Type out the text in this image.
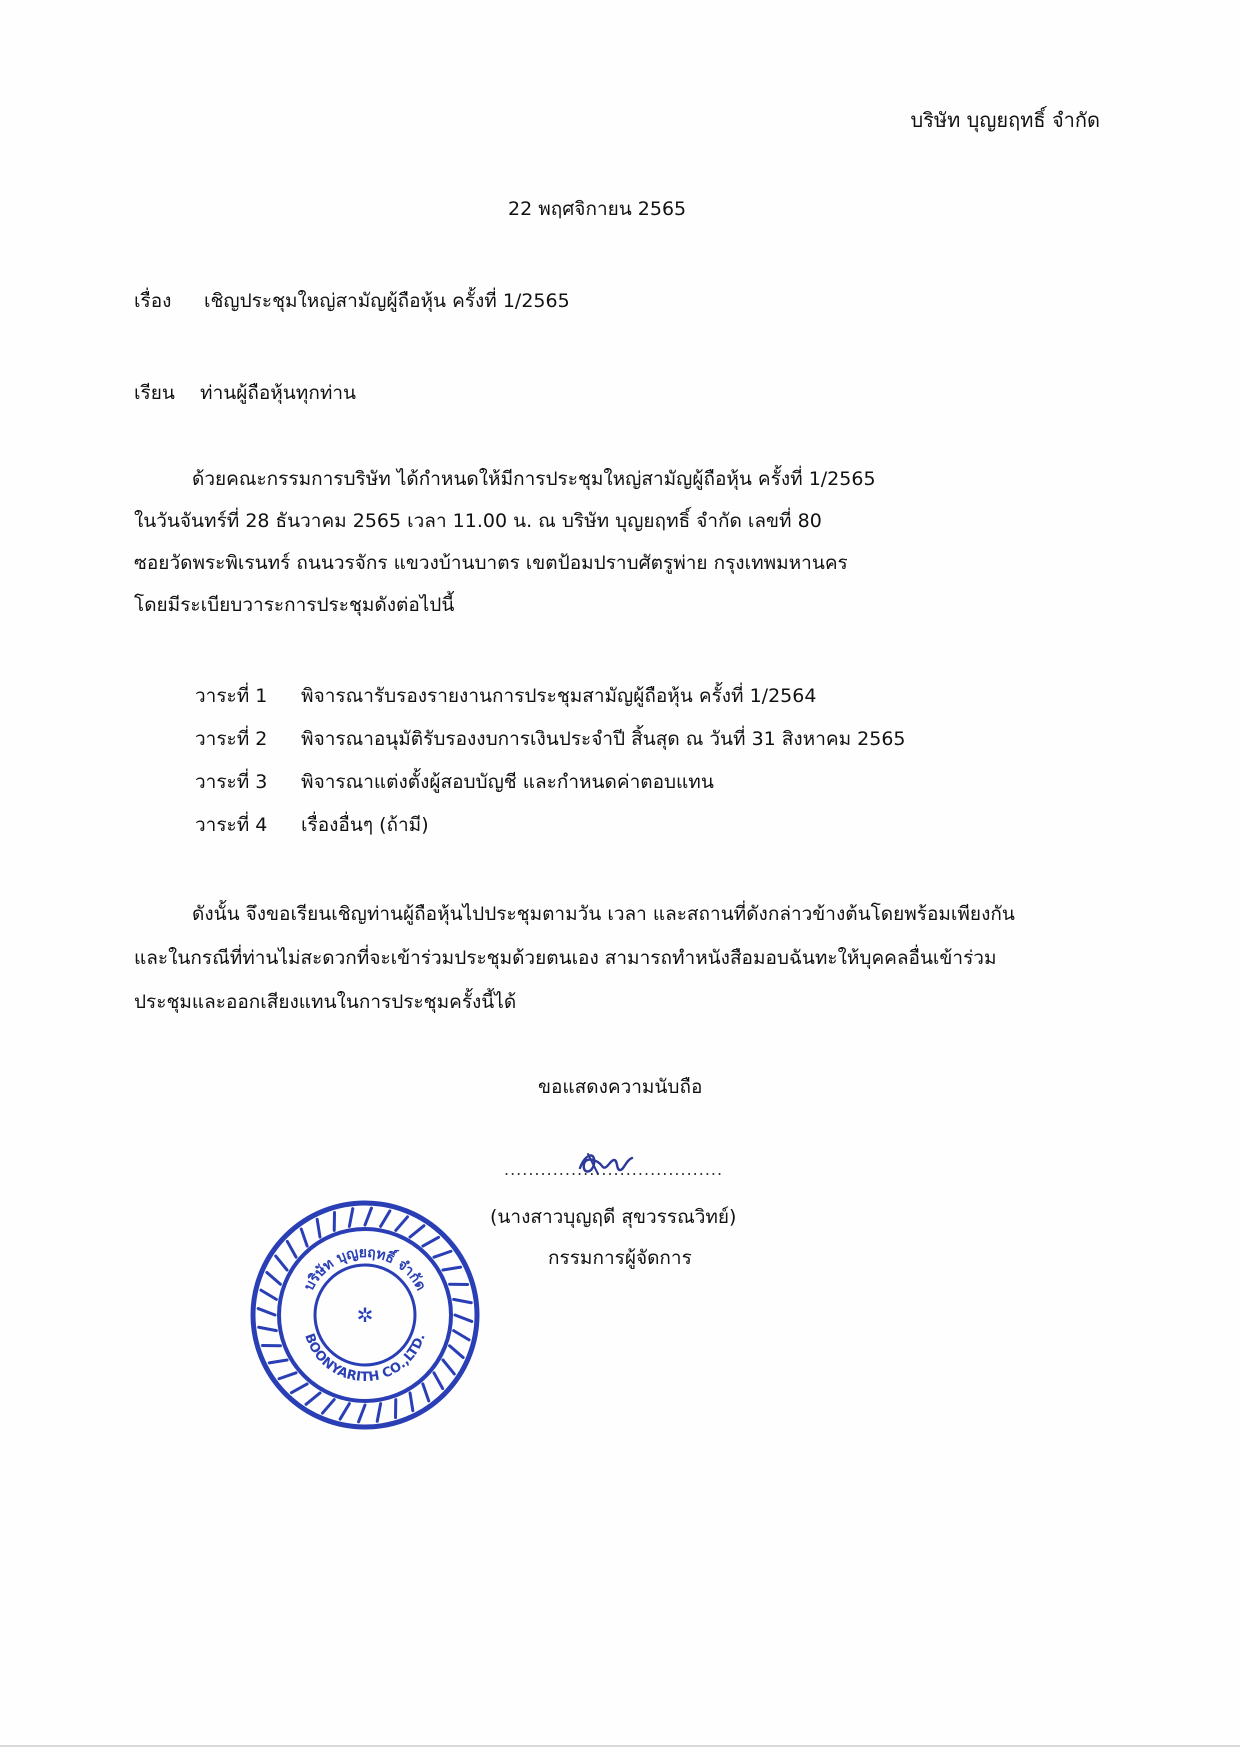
บริษัท บุญยฤทธิ์ จำกัด
22 พฤศจิกายน 2565
เรื่อง เชิญประชุมใหญ่สามัญผู้ถือหุ้น ครั้งที่ 1/2565
เรียน ท่านผู้ถือหุ้นทุกท่าน

ด้วยคณะกรรมการบริษัท ได้กำหนดให้มีการประชุมใหญ่สามัญผู้ถือหุ้น ครั้งที่ 1/2565

ในวันจันทร์ที่ 28 ธันวาคม 2565 เวลา 11.00 น. ณ บริษัท บุญยฤทธิ์ จำกัด เลขที่ 80

ซอยวัดพระพิเรนทร์ ถนนวรจักร แขวงบ้านบาตร เขตป้อมปราบศัตรูพ่าย กรุงเทพมหานคร

โดยมีระเบียบวาระการประชุมดังต่อไปนี้

วาระที่ 1 พิจารณารับรองรายงานการประชุมสามัญผู้ถือหุ้น ครั้งที่ 1/2564
วาระที่ 2 พิจารณาอนุมัติรับรองงบการเงินประจำปี สิ้นสุด ณ วันที่ 31 สิงหาคม 2565
วาระที่ 3 พิจารณาแต่งตั้งผู้สอบบัญชี และกำหนดค่าตอบแทน
วาระที่ 4 เรื่องอื่นๆ (ถ้ามี)

ดังนั้น จึงขอเรียนเชิญท่านผู้ถือหุ้นไปประชุมตามวัน เวลา และสถานที่ดังกล่าวข้างต้นโดยพร้อมเพียงกัน

และในกรณีที่ท่านไม่สะดวกที่จะเข้าร่วมประชุมด้วยตนเอง สามารถทำหนังสือมอบฉันทะให้บุคคลอื่นเข้าร่วม

ประชุมและออกเสียงแทนในการประชุมครั้งนี้ได้

ขอแสดงความนับถือ
....................................
(นางสาวบุญฤดี สุขวรรณวิทย์)
กรรมการผู้จัดการ
บริษัท บุญยฤทธิ์ จำกัด
BOONYARITH CO.,LTD.
✲
